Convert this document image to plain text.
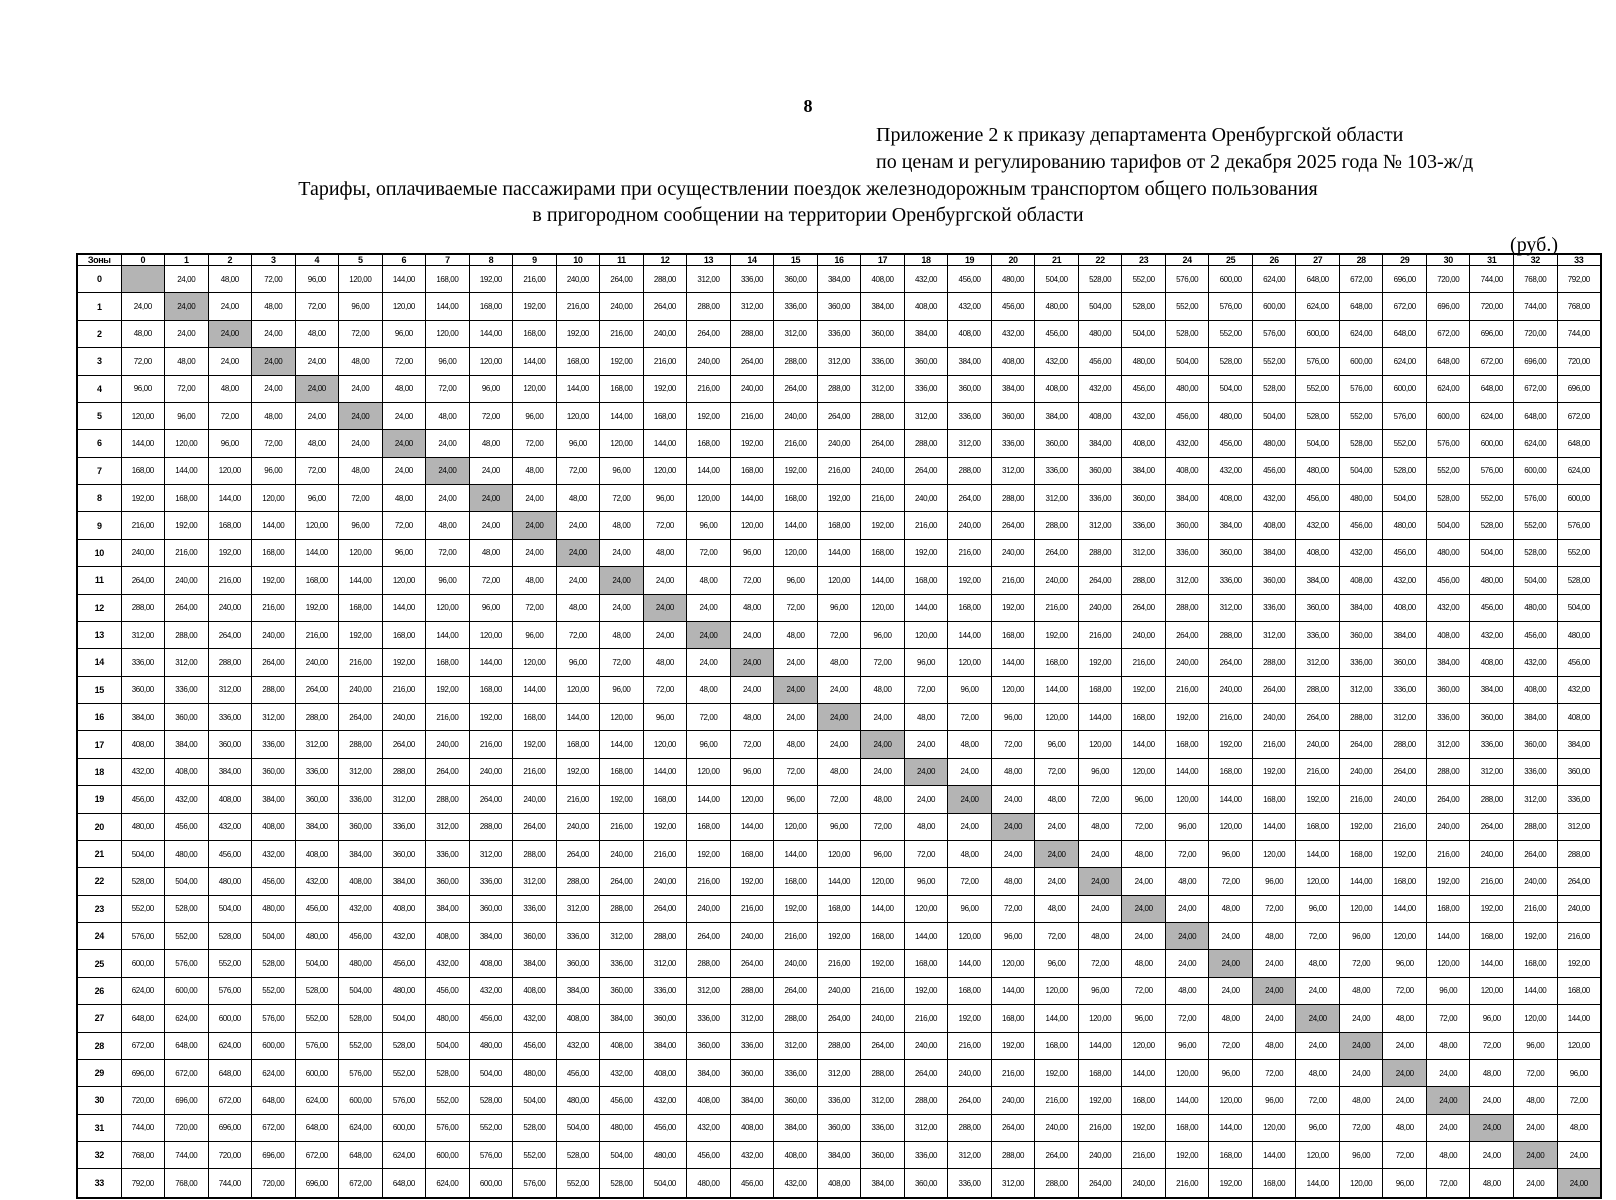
8
Приложение 2 к приказу департамента Оренбургской области
по ценам и регулированию тарифов от 2 декабря 2025 года № 103-ж/д
Тарифы, оплачиваемые пассажирами при осуществлении поездок железнодорожным транспортом общего пользования
в пригородном сообщении на территории Оренбургской области
(руб.)
Зоны	0	1	2	3	4	5	6	7	8	9	10	11	12	13	14	15	16	17	18	19	20	21	22	23	24	25	26	27	28	29	30	31	32	33
0		24,00	48,00	72,00	96,00	120,00	144,00	168,00	192,00	216,00	240,00	264,00	288,00	312,00	336,00	360,00	384,00	408,00	432,00	456,00	480,00	504,00	528,00	552,00	576,00	600,00	624,00	648,00	672,00	696,00	720,00	744,00	768,00	792,00
1	24,00	24,00	24,00	48,00	72,00	96,00	120,00	144,00	168,00	192,00	216,00	240,00	264,00	288,00	312,00	336,00	360,00	384,00	408,00	432,00	456,00	480,00	504,00	528,00	552,00	576,00	600,00	624,00	648,00	672,00	696,00	720,00	744,00	768,00
2	48,00	24,00	24,00	24,00	48,00	72,00	96,00	120,00	144,00	168,00	192,00	216,00	240,00	264,00	288,00	312,00	336,00	360,00	384,00	408,00	432,00	456,00	480,00	504,00	528,00	552,00	576,00	600,00	624,00	648,00	672,00	696,00	720,00	744,00
3	72,00	48,00	24,00	24,00	24,00	48,00	72,00	96,00	120,00	144,00	168,00	192,00	216,00	240,00	264,00	288,00	312,00	336,00	360,00	384,00	408,00	432,00	456,00	480,00	504,00	528,00	552,00	576,00	600,00	624,00	648,00	672,00	696,00	720,00
4	96,00	72,00	48,00	24,00	24,00	24,00	48,00	72,00	96,00	120,00	144,00	168,00	192,00	216,00	240,00	264,00	288,00	312,00	336,00	360,00	384,00	408,00	432,00	456,00	480,00	504,00	528,00	552,00	576,00	600,00	624,00	648,00	672,00	696,00
5	120,00	96,00	72,00	48,00	24,00	24,00	24,00	48,00	72,00	96,00	120,00	144,00	168,00	192,00	216,00	240,00	264,00	288,00	312,00	336,00	360,00	384,00	408,00	432,00	456,00	480,00	504,00	528,00	552,00	576,00	600,00	624,00	648,00	672,00
6	144,00	120,00	96,00	72,00	48,00	24,00	24,00	24,00	48,00	72,00	96,00	120,00	144,00	168,00	192,00	216,00	240,00	264,00	288,00	312,00	336,00	360,00	384,00	408,00	432,00	456,00	480,00	504,00	528,00	552,00	576,00	600,00	624,00	648,00
7	168,00	144,00	120,00	96,00	72,00	48,00	24,00	24,00	24,00	48,00	72,00	96,00	120,00	144,00	168,00	192,00	216,00	240,00	264,00	288,00	312,00	336,00	360,00	384,00	408,00	432,00	456,00	480,00	504,00	528,00	552,00	576,00	600,00	624,00
8	192,00	168,00	144,00	120,00	96,00	72,00	48,00	24,00	24,00	24,00	48,00	72,00	96,00	120,00	144,00	168,00	192,00	216,00	240,00	264,00	288,00	312,00	336,00	360,00	384,00	408,00	432,00	456,00	480,00	504,00	528,00	552,00	576,00	600,00
9	216,00	192,00	168,00	144,00	120,00	96,00	72,00	48,00	24,00	24,00	24,00	48,00	72,00	96,00	120,00	144,00	168,00	192,00	216,00	240,00	264,00	288,00	312,00	336,00	360,00	384,00	408,00	432,00	456,00	480,00	504,00	528,00	552,00	576,00
10	240,00	216,00	192,00	168,00	144,00	120,00	96,00	72,00	48,00	24,00	24,00	24,00	48,00	72,00	96,00	120,00	144,00	168,00	192,00	216,00	240,00	264,00	288,00	312,00	336,00	360,00	384,00	408,00	432,00	456,00	480,00	504,00	528,00	552,00
11	264,00	240,00	216,00	192,00	168,00	144,00	120,00	96,00	72,00	48,00	24,00	24,00	24,00	48,00	72,00	96,00	120,00	144,00	168,00	192,00	216,00	240,00	264,00	288,00	312,00	336,00	360,00	384,00	408,00	432,00	456,00	480,00	504,00	528,00
12	288,00	264,00	240,00	216,00	192,00	168,00	144,00	120,00	96,00	72,00	48,00	24,00	24,00	24,00	48,00	72,00	96,00	120,00	144,00	168,00	192,00	216,00	240,00	264,00	288,00	312,00	336,00	360,00	384,00	408,00	432,00	456,00	480,00	504,00
13	312,00	288,00	264,00	240,00	216,00	192,00	168,00	144,00	120,00	96,00	72,00	48,00	24,00	24,00	24,00	48,00	72,00	96,00	120,00	144,00	168,00	192,00	216,00	240,00	264,00	288,00	312,00	336,00	360,00	384,00	408,00	432,00	456,00	480,00
14	336,00	312,00	288,00	264,00	240,00	216,00	192,00	168,00	144,00	120,00	96,00	72,00	48,00	24,00	24,00	24,00	48,00	72,00	96,00	120,00	144,00	168,00	192,00	216,00	240,00	264,00	288,00	312,00	336,00	360,00	384,00	408,00	432,00	456,00
15	360,00	336,00	312,00	288,00	264,00	240,00	216,00	192,00	168,00	144,00	120,00	96,00	72,00	48,00	24,00	24,00	24,00	48,00	72,00	96,00	120,00	144,00	168,00	192,00	216,00	240,00	264,00	288,00	312,00	336,00	360,00	384,00	408,00	432,00
16	384,00	360,00	336,00	312,00	288,00	264,00	240,00	216,00	192,00	168,00	144,00	120,00	96,00	72,00	48,00	24,00	24,00	24,00	48,00	72,00	96,00	120,00	144,00	168,00	192,00	216,00	240,00	264,00	288,00	312,00	336,00	360,00	384,00	408,00
17	408,00	384,00	360,00	336,00	312,00	288,00	264,00	240,00	216,00	192,00	168,00	144,00	120,00	96,00	72,00	48,00	24,00	24,00	24,00	48,00	72,00	96,00	120,00	144,00	168,00	192,00	216,00	240,00	264,00	288,00	312,00	336,00	360,00	384,00
18	432,00	408,00	384,00	360,00	336,00	312,00	288,00	264,00	240,00	216,00	192,00	168,00	144,00	120,00	96,00	72,00	48,00	24,00	24,00	24,00	48,00	72,00	96,00	120,00	144,00	168,00	192,00	216,00	240,00	264,00	288,00	312,00	336,00	360,00
19	456,00	432,00	408,00	384,00	360,00	336,00	312,00	288,00	264,00	240,00	216,00	192,00	168,00	144,00	120,00	96,00	72,00	48,00	24,00	24,00	24,00	48,00	72,00	96,00	120,00	144,00	168,00	192,00	216,00	240,00	264,00	288,00	312,00	336,00
20	480,00	456,00	432,00	408,00	384,00	360,00	336,00	312,00	288,00	264,00	240,00	216,00	192,00	168,00	144,00	120,00	96,00	72,00	48,00	24,00	24,00	24,00	48,00	72,00	96,00	120,00	144,00	168,00	192,00	216,00	240,00	264,00	288,00	312,00
21	504,00	480,00	456,00	432,00	408,00	384,00	360,00	336,00	312,00	288,00	264,00	240,00	216,00	192,00	168,00	144,00	120,00	96,00	72,00	48,00	24,00	24,00	24,00	48,00	72,00	96,00	120,00	144,00	168,00	192,00	216,00	240,00	264,00	288,00
22	528,00	504,00	480,00	456,00	432,00	408,00	384,00	360,00	336,00	312,00	288,00	264,00	240,00	216,00	192,00	168,00	144,00	120,00	96,00	72,00	48,00	24,00	24,00	24,00	48,00	72,00	96,00	120,00	144,00	168,00	192,00	216,00	240,00	264,00
23	552,00	528,00	504,00	480,00	456,00	432,00	408,00	384,00	360,00	336,00	312,00	288,00	264,00	240,00	216,00	192,00	168,00	144,00	120,00	96,00	72,00	48,00	24,00	24,00	24,00	48,00	72,00	96,00	120,00	144,00	168,00	192,00	216,00	240,00
24	576,00	552,00	528,00	504,00	480,00	456,00	432,00	408,00	384,00	360,00	336,00	312,00	288,00	264,00	240,00	216,00	192,00	168,00	144,00	120,00	96,00	72,00	48,00	24,00	24,00	24,00	48,00	72,00	96,00	120,00	144,00	168,00	192,00	216,00
25	600,00	576,00	552,00	528,00	504,00	480,00	456,00	432,00	408,00	384,00	360,00	336,00	312,00	288,00	264,00	240,00	216,00	192,00	168,00	144,00	120,00	96,00	72,00	48,00	24,00	24,00	24,00	48,00	72,00	96,00	120,00	144,00	168,00	192,00
26	624,00	600,00	576,00	552,00	528,00	504,00	480,00	456,00	432,00	408,00	384,00	360,00	336,00	312,00	288,00	264,00	240,00	216,00	192,00	168,00	144,00	120,00	96,00	72,00	48,00	24,00	24,00	24,00	48,00	72,00	96,00	120,00	144,00	168,00
27	648,00	624,00	600,00	576,00	552,00	528,00	504,00	480,00	456,00	432,00	408,00	384,00	360,00	336,00	312,00	288,00	264,00	240,00	216,00	192,00	168,00	144,00	120,00	96,00	72,00	48,00	24,00	24,00	24,00	48,00	72,00	96,00	120,00	144,00
28	672,00	648,00	624,00	600,00	576,00	552,00	528,00	504,00	480,00	456,00	432,00	408,00	384,00	360,00	336,00	312,00	288,00	264,00	240,00	216,00	192,00	168,00	144,00	120,00	96,00	72,00	48,00	24,00	24,00	24,00	48,00	72,00	96,00	120,00
29	696,00	672,00	648,00	624,00	600,00	576,00	552,00	528,00	504,00	480,00	456,00	432,00	408,00	384,00	360,00	336,00	312,00	288,00	264,00	240,00	216,00	192,00	168,00	144,00	120,00	96,00	72,00	48,00	24,00	24,00	24,00	48,00	72,00	96,00
30	720,00	696,00	672,00	648,00	624,00	600,00	576,00	552,00	528,00	504,00	480,00	456,00	432,00	408,00	384,00	360,00	336,00	312,00	288,00	264,00	240,00	216,00	192,00	168,00	144,00	120,00	96,00	72,00	48,00	24,00	24,00	24,00	48,00	72,00
31	744,00	720,00	696,00	672,00	648,00	624,00	600,00	576,00	552,00	528,00	504,00	480,00	456,00	432,00	408,00	384,00	360,00	336,00	312,00	288,00	264,00	240,00	216,00	192,00	168,00	144,00	120,00	96,00	72,00	48,00	24,00	24,00	24,00	48,00
32	768,00	744,00	720,00	696,00	672,00	648,00	624,00	600,00	576,00	552,00	528,00	504,00	480,00	456,00	432,00	408,00	384,00	360,00	336,00	312,00	288,00	264,00	240,00	216,00	192,00	168,00	144,00	120,00	96,00	72,00	48,00	24,00	24,00	24,00
33	792,00	768,00	744,00	720,00	696,00	672,00	648,00	624,00	600,00	576,00	552,00	528,00	504,00	480,00	456,00	432,00	408,00	384,00	360,00	336,00	312,00	288,00	264,00	240,00	216,00	192,00	168,00	144,00	120,00	96,00	72,00	48,00	24,00	24,00
